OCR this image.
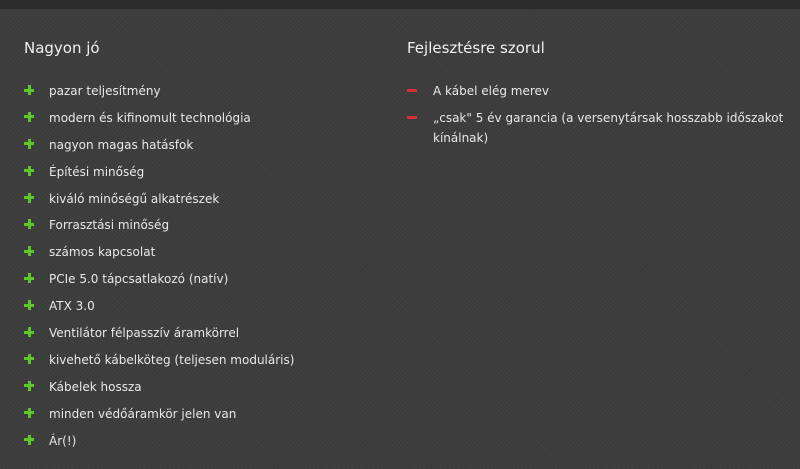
Nagyon jó
pazar teljesítmény
modern és kifinomult technológia
nagyon magas hatásfok
Építési minőség
kiváló minőségű alkatrészek
Forrasztási minőség
számos kapcsolat
PCIe 5.0 tápcsatlakozó (natív)
ATX 3.0
Ventilátor félpasszív áramkörrel
kivehető kábelköteg (teljesen moduláris)
Kábelek hossza
minden védőáramkör jelen van
Ár(!)
Fejlesztésre szorul
A kábel elég merev
„csak" 5 év garancia (a versenytársak hosszabb időszakot kínálnak)
